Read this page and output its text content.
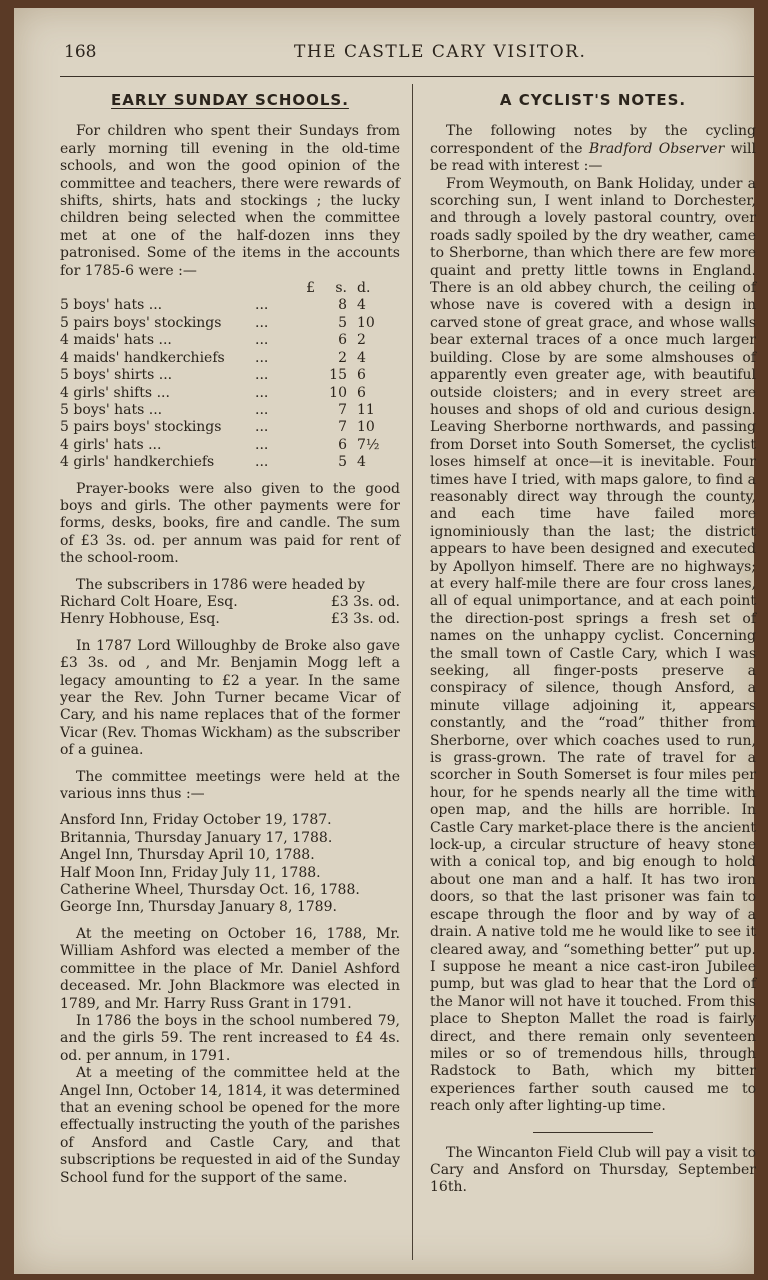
168	THE CASTLE CARY VISITOR.
EARLY SUNDAY SCHOOLS.

For children who spent their Sundays from early morning till evening in the old-time schools, and won the good opinion of the committee and teachers, there were rewards of shifts, shirts, hats and stockings ; the lucky children being selected when the committee met at one of the half-dozen inns they patronised. Some of the items in the accounts for 1785-6 were :—

		£ s.	d.
5 boys' hats ...	...	8	4
5 pairs boys' stockings	...	5	10
4 maids' hats ...	...	6	2
4 maids' handkerchiefs	...	2	4
5 boys' shirts ...	...	15	6
4 girls' shifts ...	...	10	6
5 boys' hats ...	...	7	11
5 pairs boys' stockings	...	7	10
4 girls' hats ...	...	6	7½
4 girls' handkerchiefs	...	5	4

Prayer-books were also given to the good boys and girls. The other payments were for forms, desks, books, fire and candle. The sum of £3 3s. od. per annum was paid for rent of the school-room.

The subscribers in 1786 were headed by

Richard Colt Hoare, Esq.	£3 3s. od.
Henry Hobhouse, Esq.	£3 3s. od.

In 1787 Lord Willoughby de Broke also gave £3 3s. od , and Mr. Benjamin Mogg left a legacy amounting to £2 a year. In the same year the Rev. John Turner became Vicar of Cary, and his name replaces that of the former Vicar (Rev. Thomas Wickham) as the subscriber of a guinea.

The committee meetings were held at the various inns thus :—

Ansford Inn, Friday October 19, 1787.
Britannia, Thursday January 17, 1788.
Angel Inn, Thursday April 10, 1788.
Half Moon Inn, Friday July 11, 1788.
Catherine Wheel, Thursday Oct. 16, 1788.
George Inn, Thursday January 8, 1789.

At the meeting on October 16, 1788, Mr. William Ashford was elected a member of the committee in the place of Mr. Daniel Ashford deceased. Mr. John Blackmore was elected in 1789, and Mr. Harry Russ Grant in 1791.

In 1786 the boys in the school numbered 79, and the girls 59. The rent increased to £4 4s. od. per annum, in 1791.

At a meeting of the committee held at the Angel Inn, October 14, 1814, it was determined that an evening school be opened for the more effectually instructing the youth of the parishes of Ansford and Castle Cary, and that subscriptions be requested in aid of the Sunday School fund for the support of the same.

A CYCLIST'S NOTES.

The following notes by the cycling correspondent of the Bradford Observer will be read with interest :—

From Weymouth, on Bank Holiday, under a scorching sun, I went inland to Dorchester, and through a lovely pastoral country, over roads sadly spoiled by the dry weather, came to Sherborne, than which there are few more quaint and pretty little towns in England. There is an old abbey church, the ceiling of whose nave is covered with a design in carved stone of great grace, and whose walls bear external traces of a once much larger building. Close by are some almshouses of apparently even greater age, with beautiful outside cloisters; and in every street are houses and shops of old and curious design. Leaving Sherborne northwards, and passing from Dorset into South Somerset, the cyclist loses himself at once—it is inevitable. Four times have I tried, with maps galore, to find a reasonably direct way through the county, and each time have failed more ignominiously than the last; the district appears to have been designed and executed by Apollyon himself. There are no highways; at every half-mile there are four cross lanes, all of equal unimportance, and at each point the direction-post springs a fresh set of names on the unhappy cyclist. Concerning the small town of Castle Cary, which I was seeking, all finger-posts preserve a conspiracy of silence, though Ansford, a minute village adjoining it, appears constantly, and the “road” thither from Sherborne, over which coaches used to run, is grass-grown. The rate of travel for a scorcher in South Somerset is four miles per hour, for he spends nearly all the time with open map, and the hills are horrible. In Castle Cary market-place there is the ancient lock-up, a circular structure of heavy stone with a conical top, and big enough to hold about one man and a half. It has two iron doors, so that the last prisoner was fain to escape through the floor and by way of a drain. A native told me he would like to see it cleared away, and “something better” put up. I suppose he meant a nice cast-iron Jubilee pump, but was glad to hear that the Lord of the Manor will not have it touched. From this place to Shepton Mallet the road is fairly direct, and there remain only seventeen miles or so of tremendous hills, through Radstock to Bath, which my bitter experiences farther south caused me to reach only after lighting-up time.

The Wincanton Field Club will pay a visit to Cary and Ansford on Thursday, September 16th.
